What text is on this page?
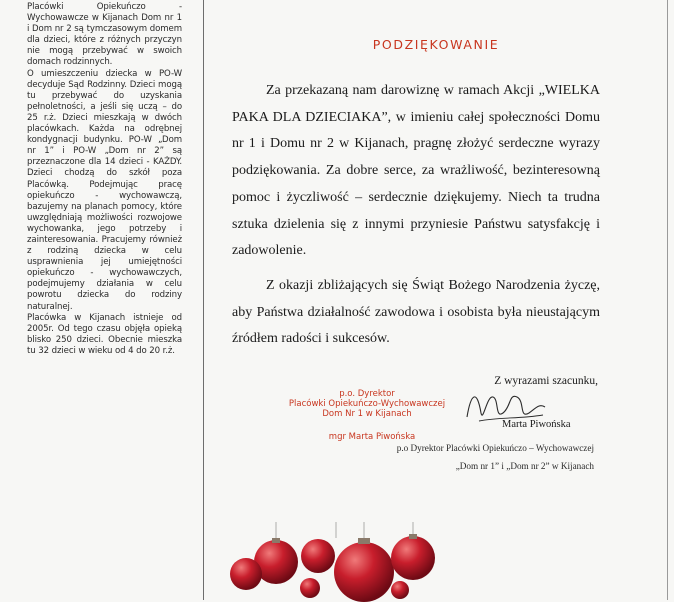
Placówki Opiekuńczo - Wychowawcze w Kijanach Dom nr 1 i Dom nr 2 są tymczasowym domem dla dzieci, które z różnych przyczyn nie mogą przebywać w swoich domach rodzinnych.

O umieszczeniu dziecka w PO-W decyduje Sąd Rodzinny. Dzieci mogą tu przebywać do uzyskania pełnoletności, a jeśli się uczą – do 25 r.ż. Dzieci mieszkają w dwóch placówkach. Każda na odrębnej kondygnacji budynku. PO-W „Dom nr 1” i PO-W „Dom nr 2” są przeznaczone dla 14 dzieci - KAŻDY. Dzieci chodzą do szkół poza Placówką. Podejmując pracę opiekuńczo - wychowawczą, bazujemy na planach pomocy, które uwzględniają możliwości rozwojowe wychowanka, jego potrzeby i zainteresowania. Pracujemy również z rodziną dziecka w celu usprawnienia jej umiejętności opiekuńczo - wychowawczych, podejmujemy działania w celu powrotu dziecka do rodziny naturalnej.

Placówka w Kijanach istnieje od 2005r. Od tego czasu objęła opieką blisko 250 dzieci. Obecnie mieszka tu 32 dzieci w wieku od 4 do 20 r.ż.

PODZIĘKOWANIE

Za przekazaną nam darowiznę w ramach Akcji „WIELKA PAKA DLA DZIECIAKA”, w imieniu całej społeczności Domu nr 1 i Domu nr 2 w Kijanach, pragnę złożyć serdeczne wyrazy podziękowania. Za dobre serce, za wrażliwość, bezinteresowną pomoc i życzliwość – serdecznie dziękujemy. Niech ta trudna sztuka dzielenia się z innymi przyniesie Państwu satysfakcję i zadowolenie.

Z okazji zbliżających się Świąt Bożego Narodzenia życzę, aby Państwa działalność zawodowa i osobista była nieustającym źródłem radości i sukcesów.

Z wyrazami szacunku,
p.o. Dyrektor
Placówki Opiekuńczo-Wychowawczej
Dom Nr 1 w Kijanach
Marta Piwońska
mgr Marta Piwońska
p.o Dyrektor Placówki Opiekuńczo – Wychowawczej
„Dom nr 1” i „Dom nr 2” w Kijanach
